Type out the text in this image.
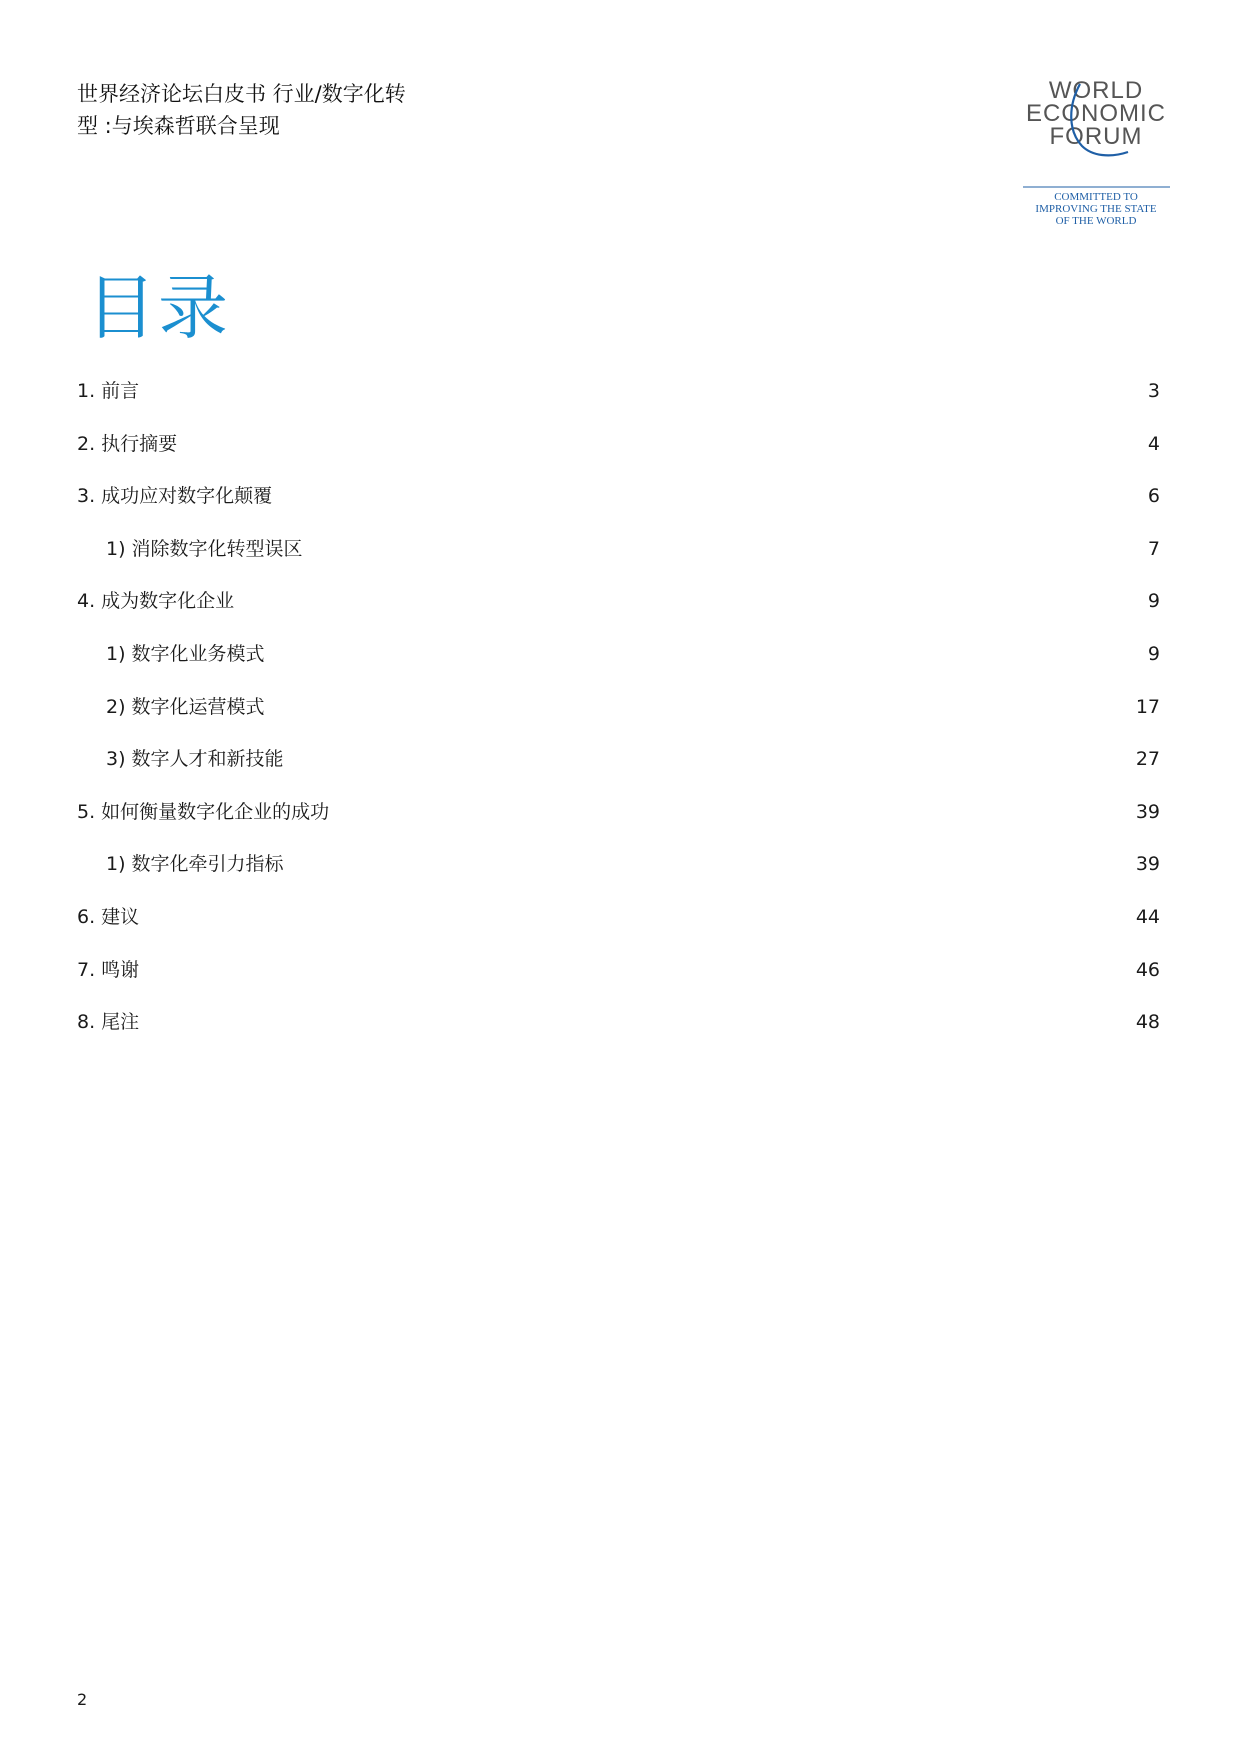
世界经济论坛白皮书 行业/数字化转
型 :与埃森哲联合呈现
WORLD
ECONOMIC
FORUM
COMMITTED TO
IMPROVING THE STATE
OF THE WORLD
目录
1. 前言	3
2. 执行摘要	4
3. 成功应对数字化颠覆	6
1) 消除数字化转型误区	7
4. 成为数字化企业	9
1) 数字化业务模式	9
2) 数字化运营模式	17
3) 数字人才和新技能	27
5. 如何衡量数字化企业的成功	39
1) 数字化牵引力指标	39
6. 建议	44
7. 鸣谢	46
8. 尾注	48
2
